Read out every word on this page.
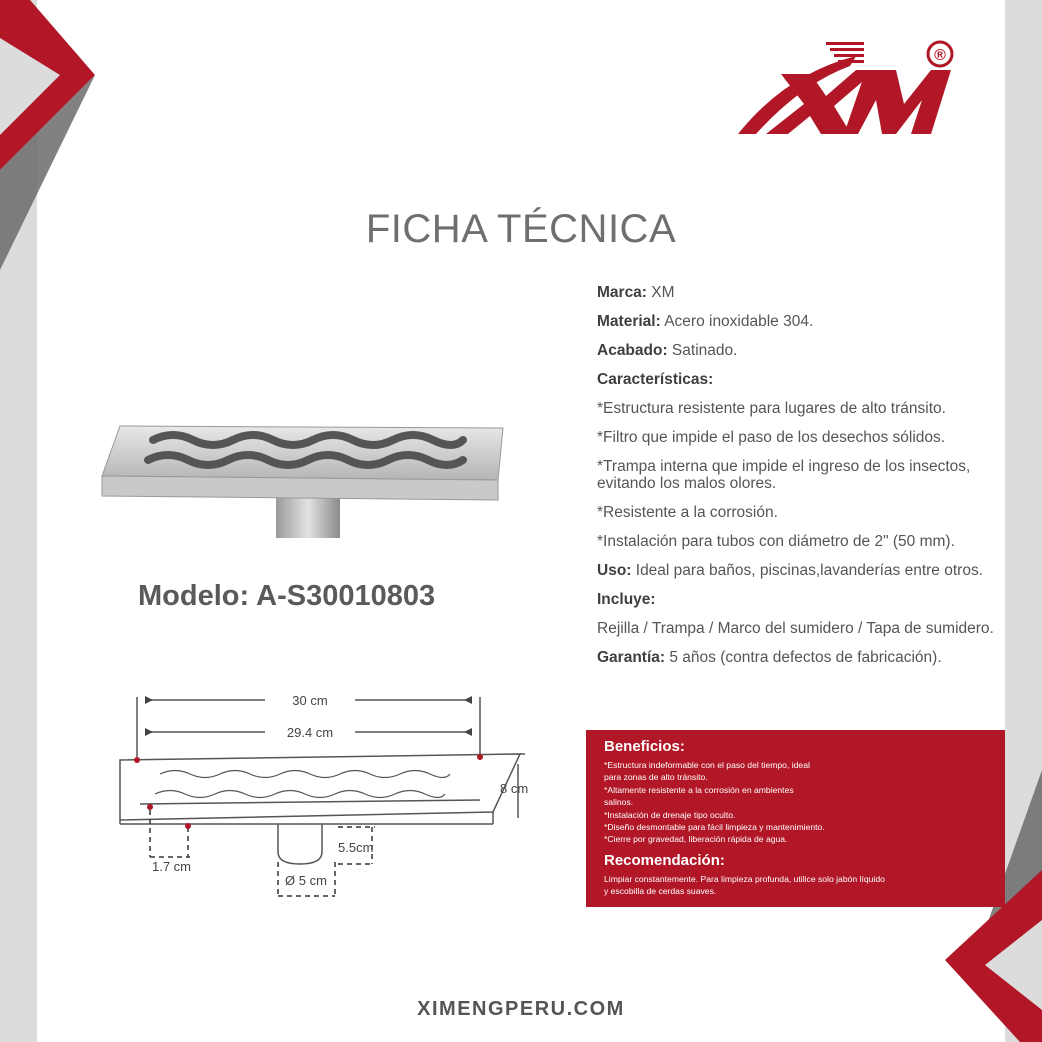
®
FICHA TÉCNICA

Marca: XM

Material: Acero inoxidable 304.

Acabado: Satinado.

Características:

*Estructura resistente para lugares de alto tránsito.

*Filtro que impide el paso de los desechos sólidos.

*Trampa interna que impide el ingreso de los insectos, evitando los malos olores.

*Resistente a la corrosión.

*Instalación para tubos con diámetro de 2" (50 mm).

Uso: Ideal para baños, piscinas,lavanderías entre otros.

Incluye:

Rejilla / Trampa / Marco del sumidero / Tapa de sumidero.

Garantía: 5 años (contra defectos de fabricación).

Modelo: A-S30010803
30 cm
29.4 cm
8 cm
1.7 cm
5.5cm
Ø 5 cm
Beneficios:
*Estructura indeformable con el paso del tiempo, ideal
para zonas de alto tránsito.
*Altamente resistente a la corrosión en ambientes
salinos.
*Instalación de drenaje tipo oculto.
*Diseño desmontable para fácil limpieza y mantenimiento.
*Cierre por gravedad, liberación rápida de agua.
Recomendación:
Limpiar constantemente. Para limpieza profunda, utilice solo jabón líquido
y escobilla de cerdas suaves.
XIMENGPERU.COM
